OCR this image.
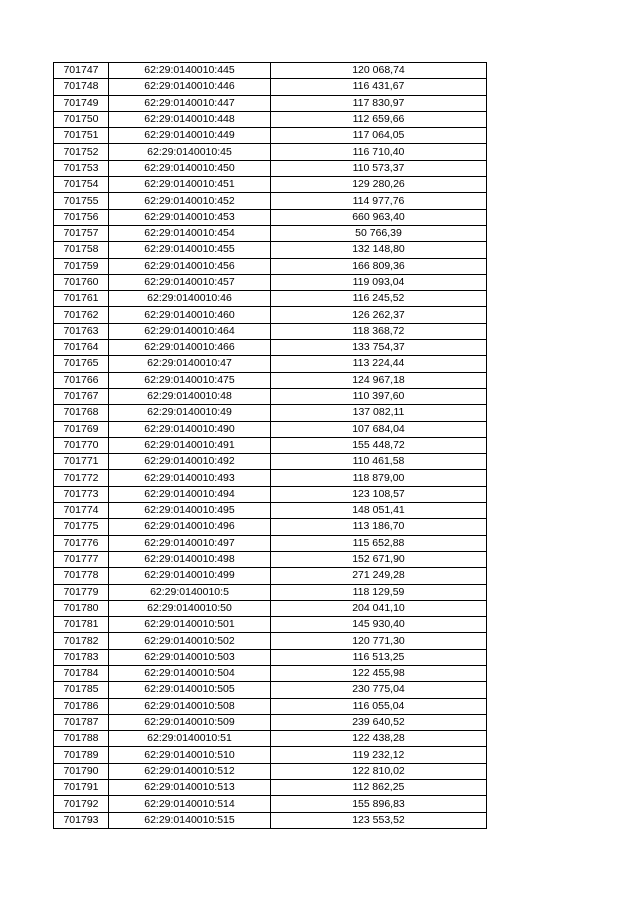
701747	62:29:0140010:445	120 068,74
701748	62:29:0140010:446	116 431,67
701749	62:29:0140010:447	117 830,97
701750	62:29:0140010:448	112 659,66
701751	62:29:0140010:449	117 064,05
701752	62:29:0140010:45	116 710,40
701753	62:29:0140010:450	110 573,37
701754	62:29:0140010:451	129 280,26
701755	62:29:0140010:452	114 977,76
701756	62:29:0140010:453	660 963,40
701757	62:29:0140010:454	50 766,39
701758	62:29:0140010:455	132 148,80
701759	62:29:0140010:456	166 809,36
701760	62:29:0140010:457	119 093,04
701761	62:29:0140010:46	116 245,52
701762	62:29:0140010:460	126 262,37
701763	62:29:0140010:464	118 368,72
701764	62:29:0140010:466	133 754,37
701765	62:29:0140010:47	113 224,44
701766	62:29:0140010:475	124 967,18
701767	62:29:0140010:48	110 397,60
701768	62:29:0140010:49	137 082,11
701769	62:29:0140010:490	107 684,04
701770	62:29:0140010:491	155 448,72
701771	62:29:0140010:492	110 461,58
701772	62:29:0140010:493	118 879,00
701773	62:29:0140010:494	123 108,57
701774	62:29:0140010:495	148 051,41
701775	62:29:0140010:496	113 186,70
701776	62:29:0140010:497	115 652,88
701777	62:29:0140010:498	152 671,90
701778	62:29:0140010:499	271 249,28
701779	62:29:0140010:5	118 129,59
701780	62:29:0140010:50	204 041,10
701781	62:29:0140010:501	145 930,40
701782	62:29:0140010:502	120 771,30
701783	62:29:0140010:503	116 513,25
701784	62:29:0140010:504	122 455,98
701785	62:29:0140010:505	230 775,04
701786	62:29:0140010:508	116 055,04
701787	62:29:0140010:509	239 640,52
701788	62:29:0140010:51	122 438,28
701789	62:29:0140010:510	119 232,12
701790	62:29:0140010:512	122 810,02
701791	62:29:0140010:513	112 862,25
701792	62:29:0140010:514	155 896,83
701793	62:29:0140010:515	123 553,52
